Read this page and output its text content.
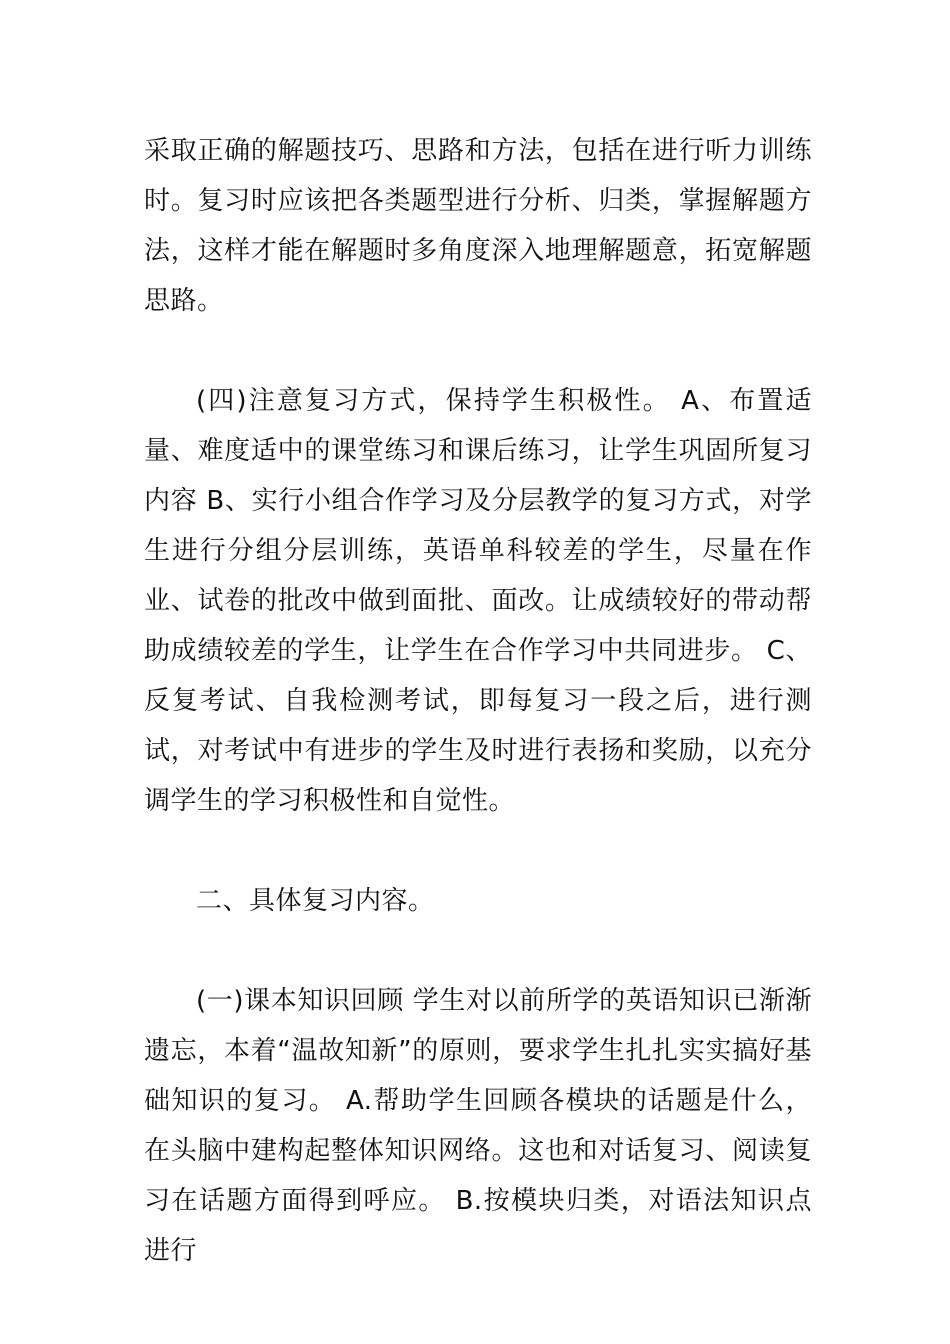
采取正确的解题技巧、思路和方法，包括在进行听力训练时。复习时应该把各类题型进行分析、归类，掌握解题方法，这样才能在解题时多角度深入地理解题意，拓宽解题思路。

(四)注意复习方式，保持学生积极性。 A、布置适量、难度适中的课堂练习和课后练习，让学生巩固所复习内容 B、实行小组合作学习及分层教学的复习方式，对学生进行分组分层训练，英语单科较差的学生，尽量在作业、试卷的批改中做到面批、面改。让成绩较好的带动帮助成绩较差的学生，让学生在合作学习中共同进步。 C、反复考试、自我检测考试，即每复习一段之后，进行测试，对考试中有进步的学生及时进行表扬和奖励，以充分调学生的学习积极性和自觉性。

二、具体复习内容。

(一)课本知识回顾 学生对以前所学的英语知识已渐渐遗忘，本着“温故知新”的原则，要求学生扎扎实实搞好基础知识的复习。 A.帮助学生回顾各模块的话题是什么，在头脑中建构起整体知识网络。这也和对话复习、阅读复习在话题方面得到呼应。 B.按模块归类，对语法知识点进行
